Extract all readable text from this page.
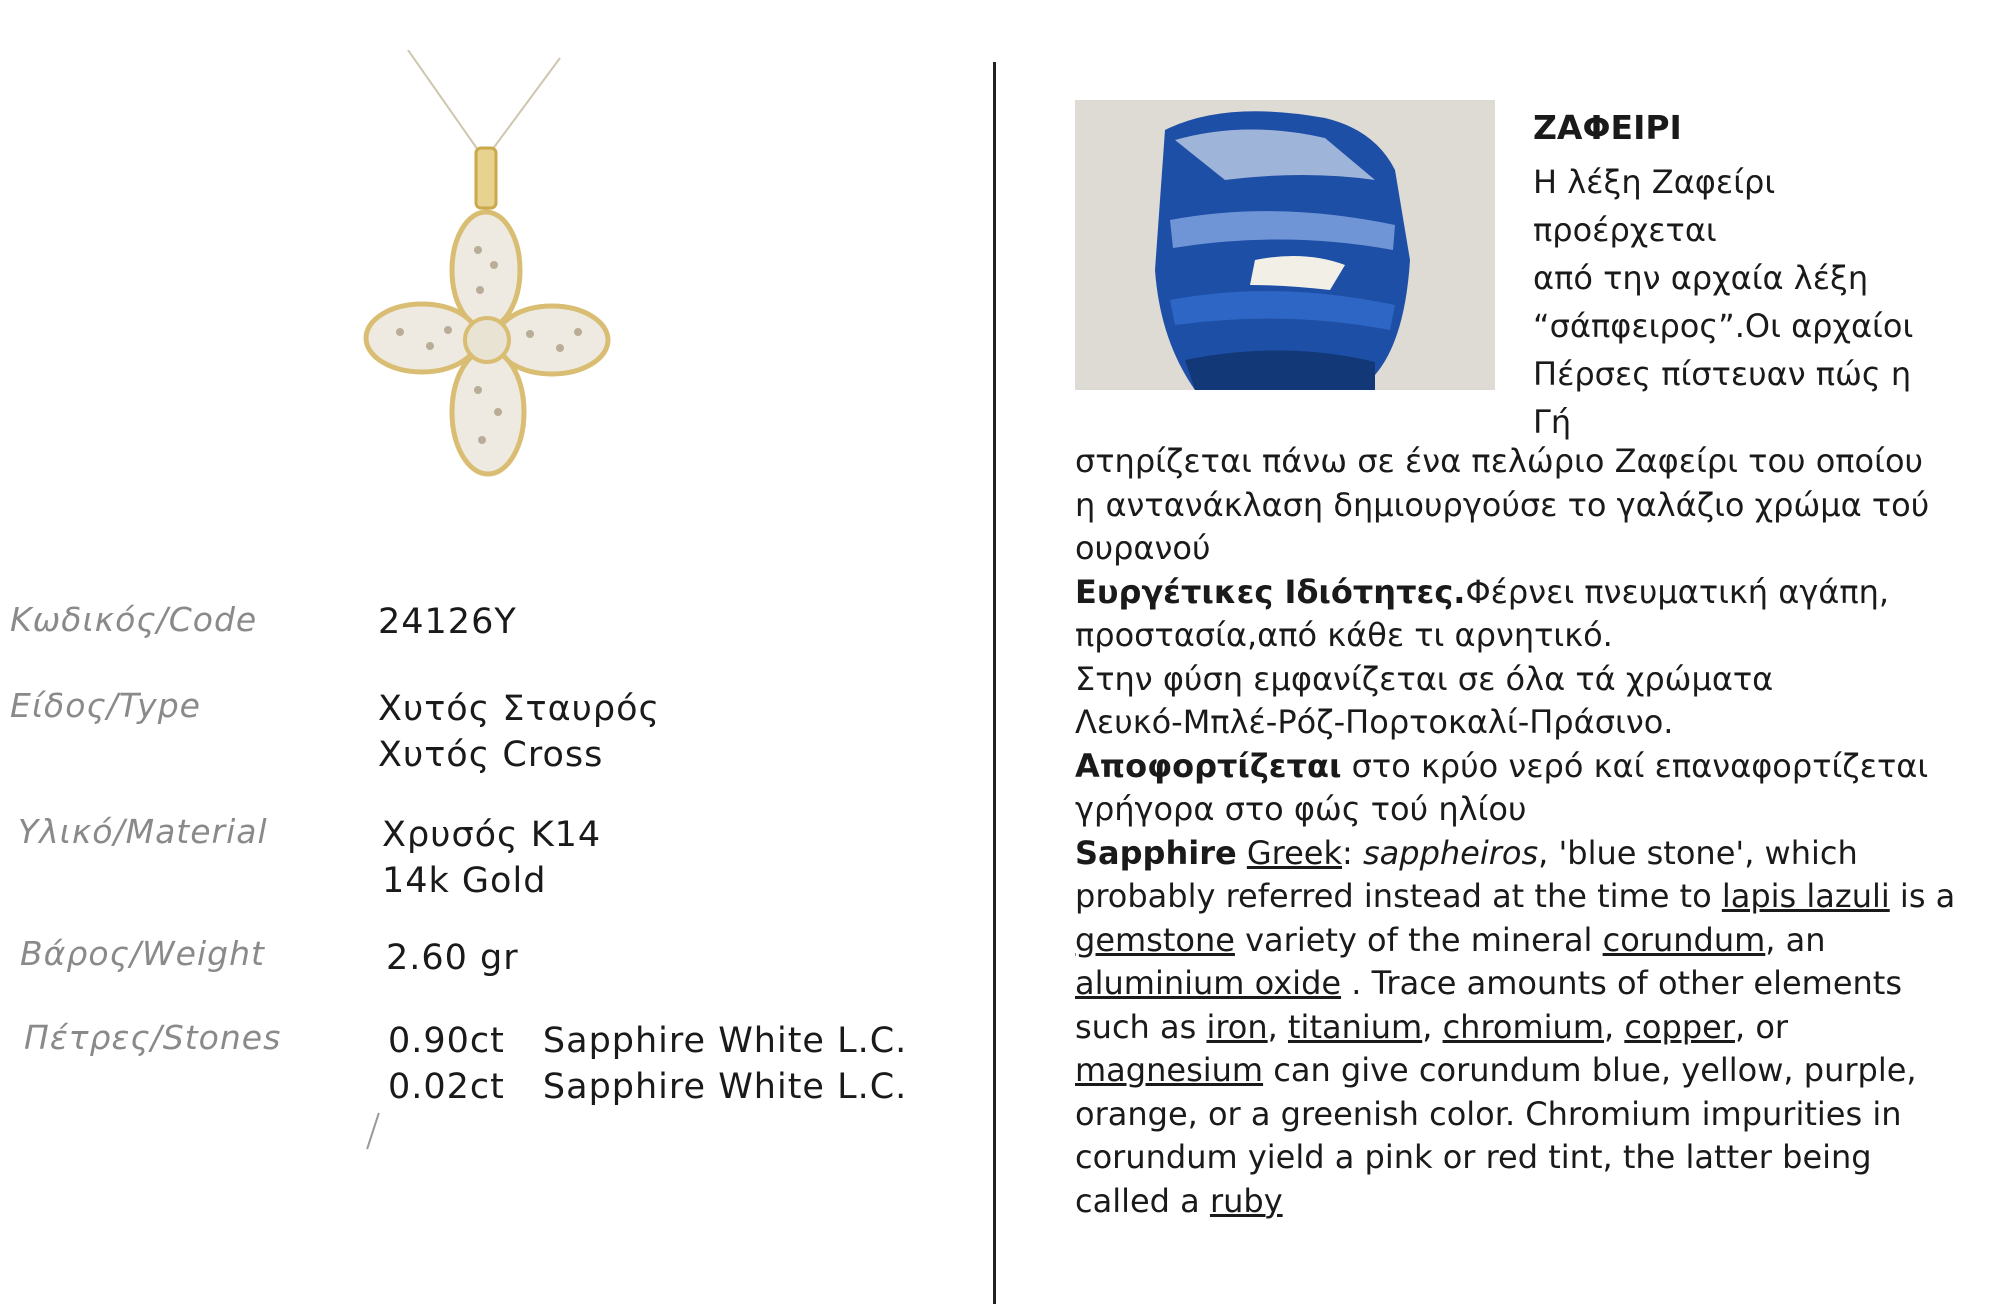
Κωδικός/Code	24126Y
Είδος/Type	Χυτός Σταυρός
Χυτός Cross
Υλικό/Material	Χρυσός Κ14
14k Gold
Βάρος/Weight	2.60 gr
Πέτρες/Stones	0.90ct Sapphire White L.C.
0.02ct Sapphire White L.C.
ΖΑΦΕΙΡΙ
Η λέξη Ζαφείρι
προέρχεται
από την αρχαία λέξη
“σάπφειρος”.Οι αρχαίοι
Πέρσες πίστευαν πώς η
Γή
στηρίζεται πάνω σε ένα πελώριο Ζαφείρι του οποίου
η αντανάκλαση δημιουργούσε το γαλάζιο χρώμα τού
ουρανού
Ευργέτικες Ιδιότητες.Φέρνει πνευματική αγάπη,
προστασία,από κάθε τι αρνητικό.
Στην φύση εμφανίζεται σε όλα τά χρώματα
Λευκό-Μπλέ-Ρόζ-Πορτοκαλί-Πράσινο.
Αποφορτίζεται στο κρύο νερό καί επαναφορτίζεται
γρήγορα στο φώς τού ηλίου
Sapphire Greek: sappheiros, 'blue stone', which
probably referred instead at the time to lapis lazuli is a
gemstone variety of the mineral corundum, an
aluminium oxide . Trace amounts of other elements
such as iron, titanium, chromium, copper, or
magnesium can give corundum blue, yellow, purple,
orange, or a greenish color. Chromium impurities in
corundum yield a pink or red tint, the latter being
called a ruby
